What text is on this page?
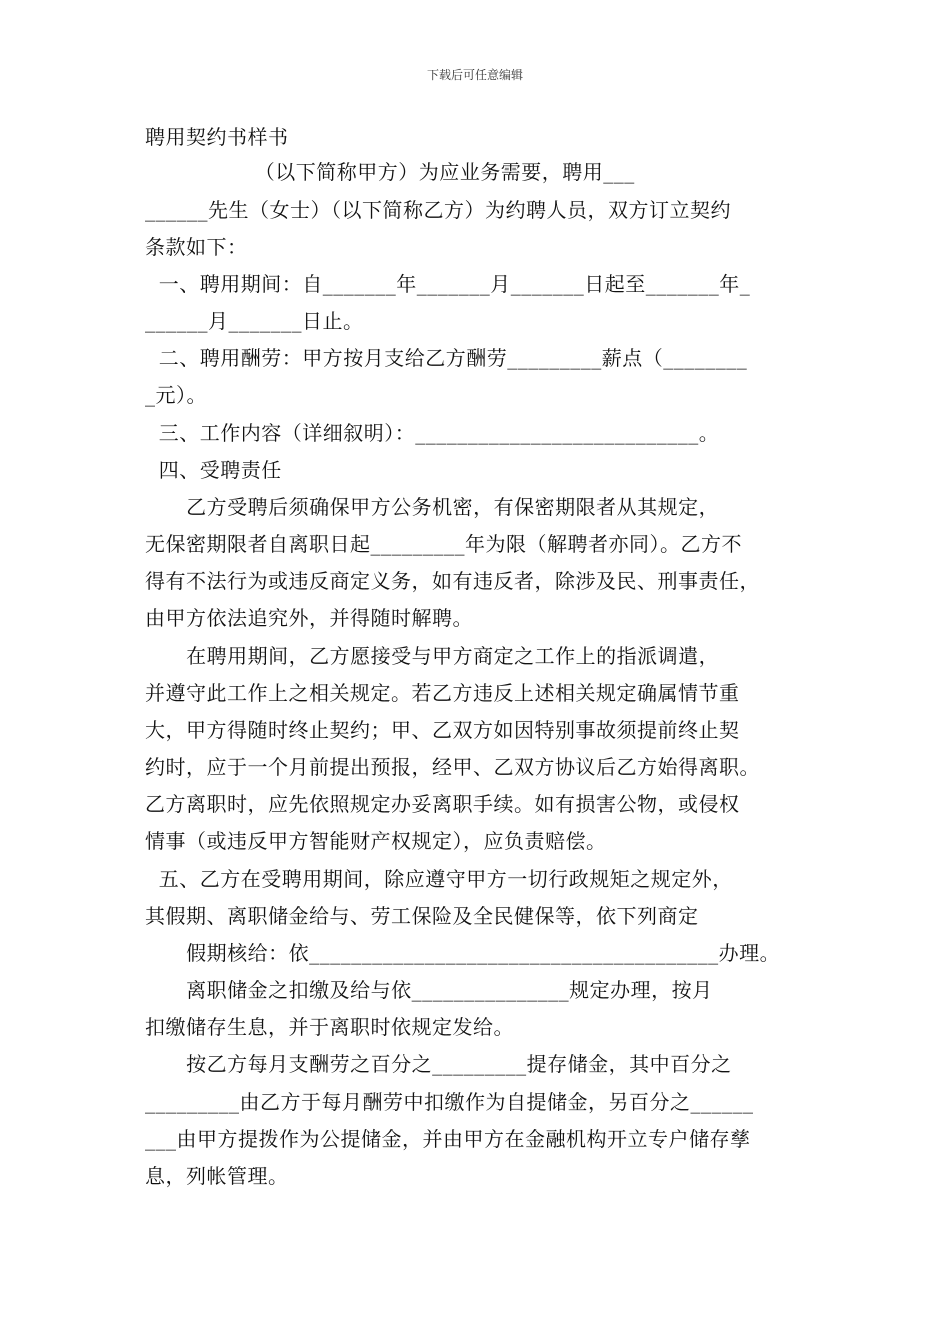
下载后可任意编辑
聘用契约书样书
（以下简称甲方）为应业务需要，聘用___
______先生（女士）（以下简称乙方）为约聘人员，双方订立契约
条款如下：
一、聘用期间：自_______年_______月_______日起至_______年_
______月_______日止。
二、聘用酬劳：甲方按月支给乙方酬劳_________薪点（________
_元）。
三、工作内容（详细叙明）：___________________________。
四、受聘责任
乙方受聘后须确保甲方公务机密，有保密期限者从其规定，
无保密期限者自离职日起_________年为限（解聘者亦同）。乙方不
得有不法行为或违反商定义务，如有违反者，除涉及民、刑事责任，
由甲方依法追究外，并得随时解聘。
在聘用期间，乙方愿接受与甲方商定之工作上的指派调遣，
并遵守此工作上之相关规定。若乙方违反上述相关规定确属情节重
大，甲方得随时终止契约；甲、乙双方如因特别事故须提前终止契
约时，应于一个月前提出预报，经甲、乙双方协议后乙方始得离职。
乙方离职时，应先依照规定办妥离职手续。如有损害公物，或侵权
情事（或违反甲方智能财产权规定），应负责赔偿。
五、乙方在受聘用期间，除应遵守甲方一切行政规矩之规定外，
其假期、离职储金给与、劳工保险及全民健保等，依下列商定
假期核给：依_______________________________________办理。
离职储金之扣缴及给与依_______________规定办理，按月
扣缴储存生息，并于离职时依规定发给。
按乙方每月支酬劳之百分之_________提存储金，其中百分之
_________由乙方于每月酬劳中扣缴作为自提储金，另百分之______
___由甲方提拨作为公提储金，并由甲方在金融机构开立专户储存孳
息，列帐管理。
